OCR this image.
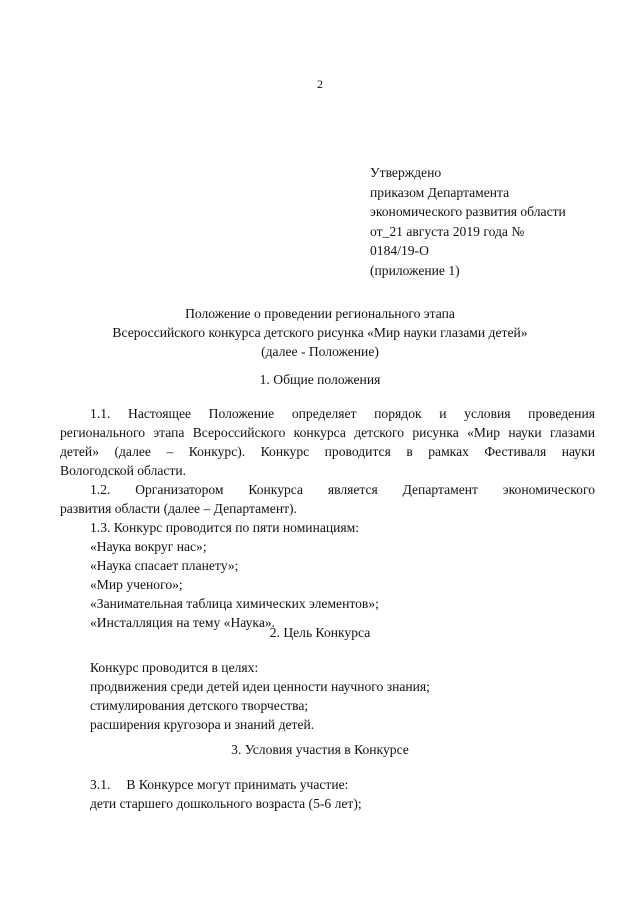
2
Утверждено
приказом Департамента
экономического развития области
от_21 августа 2019 года №
0184/19-О
(приложение 1)
Положение о проведении регионального этапа
Всероссийского конкурса детского рисунка «Мир науки глазами детей»
(далее - Положение)
1. Общие положения
1.1. Настоящее Положение определяет порядок и условия проведения
регионального этапа Всероссийского конкурса детского рисунка «Мир науки глазами
детей» (далее – Конкурс). Конкурс проводится в рамках Фестиваля науки
Вологодской области.
1.2. Организатором Конкурса является Департамент экономического
развития области (далее – Департамент).
1.3. Конкурс проводится по пяти номинациям:
«Наука вокруг нас»;
«Наука спасает планету»;
«Мир ученого»;
«Занимательная таблица химических элементов»;
«Инсталляция на тему «Наука».
2. Цель Конкурса
Конкурс проводится в целях:
продвижения среди детей идеи ценности научного знания;
стимулирования детского творчества;
расширения кругозора и знаний детей.
3. Условия участия в Конкурсе
3.1. В Конкурсе могут принимать участие:
дети старшего дошкольного возраста (5-6 лет);
